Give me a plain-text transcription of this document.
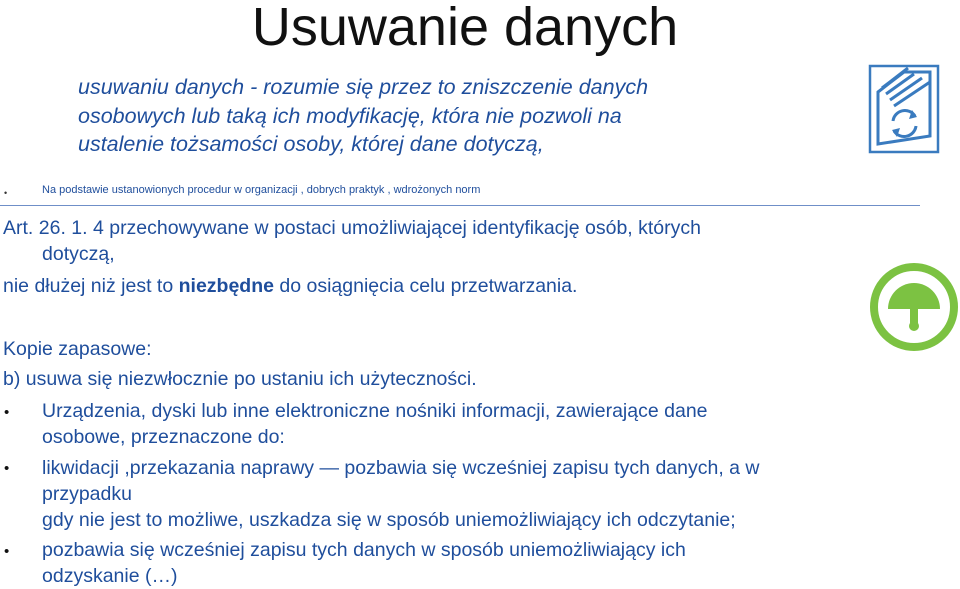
Usuwanie danych
usuwaniu danych - rozumie się przez to zniszczenie danych
osobowych lub taką ich modyfikację, która nie pozwoli na
ustalenie tożsamości osoby, której dane dotyczą,
•	Na podstawie ustanowionych procedur w organizacji , dobrych praktyk , wdrożonych norm
Art. 26. 1. 4 przechowywane w postaci umożliwiającej identyfikację osób, których
dotyczą,
nie dłużej niż jest to niezbędne do osiągnięcia celu przetwarzania.
Kopie zapasowe:
b) usuwa się niezwłocznie po ustaniu ich użyteczności.
• Urządzenia, dyski lub inne elektroniczne nośniki informacji, zawierające dane
osobowe, przeznaczone do:
• likwidacji ,przekazania naprawy — pozbawia się wcześniej zapisu tych danych, a w
przypadku
gdy nie jest to możliwe, uszkadza się w sposób uniemożliwiający ich odczytanie;
• pozbawia się wcześniej zapisu tych danych w sposób uniemożliwiający ich
odzyskanie (…)
